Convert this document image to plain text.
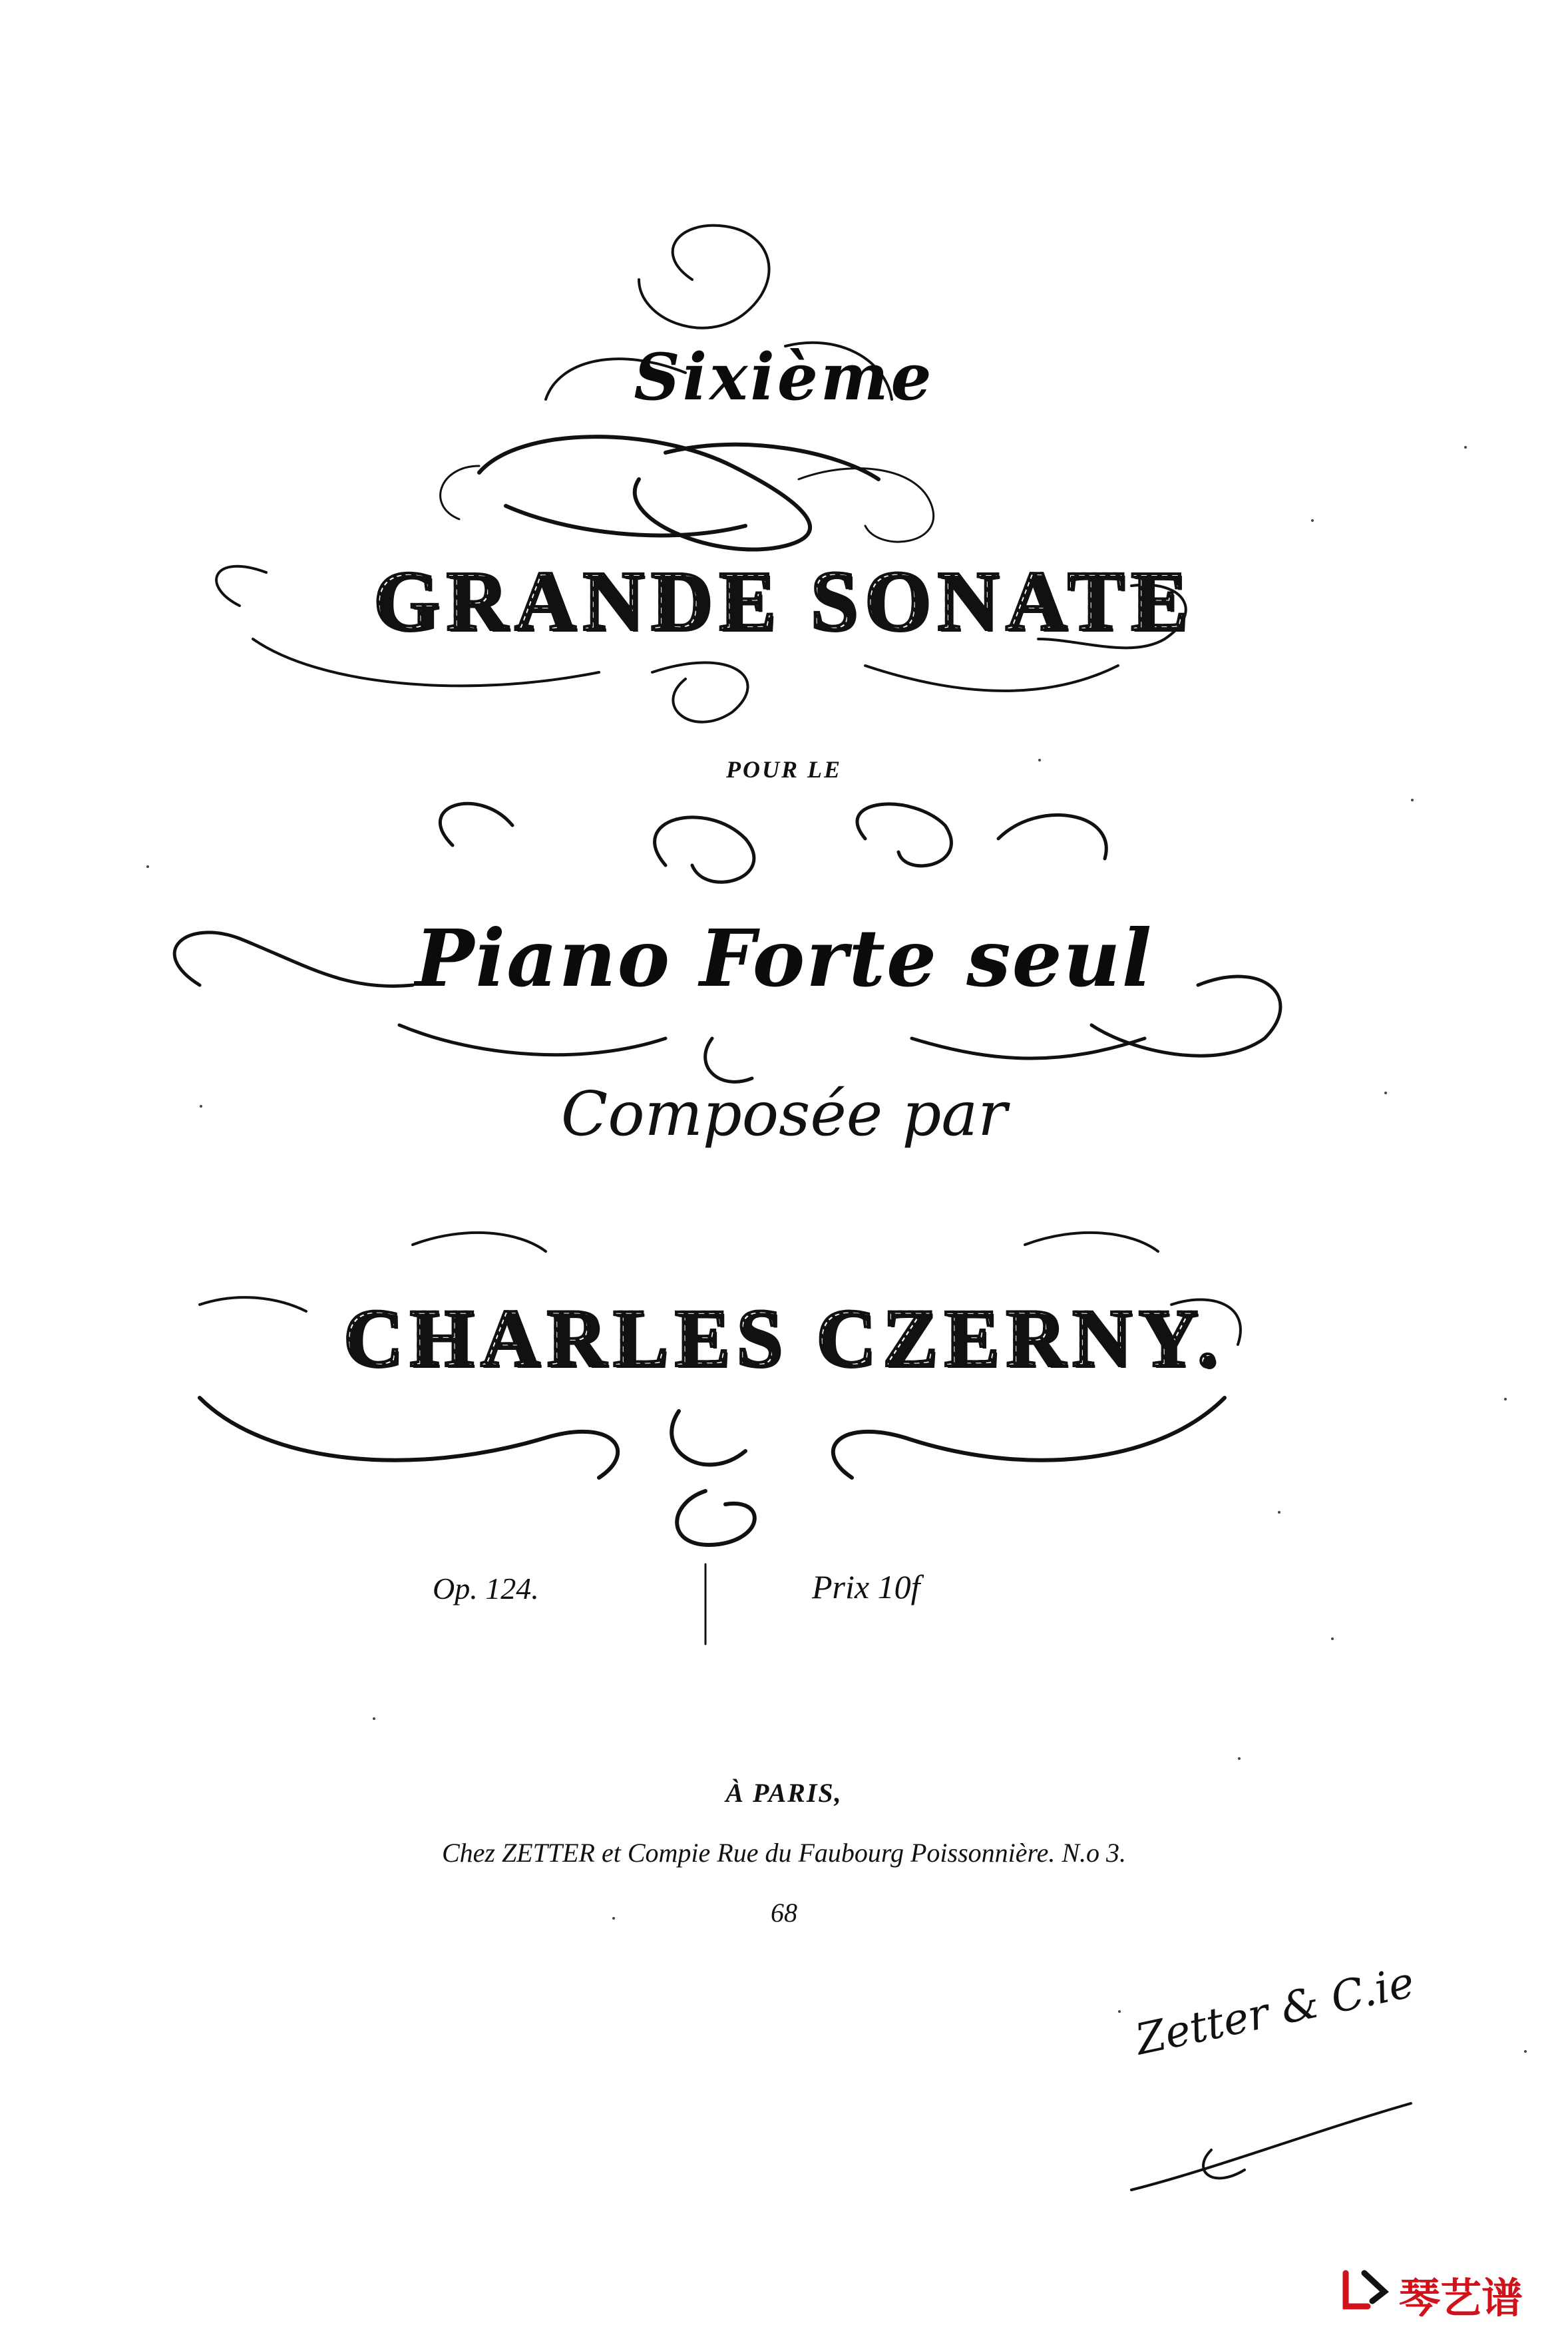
Sixième
GRANDE SONATE
POUR LE
Piano Forte seul
Composée par
CHARLES CZERNY.
Op. 124.	Prix 10f
À PARIS,
Chez ZETTER et Compie Rue du Faubourg Poissonnière. N.o 3.
68
Zetter & C.ie
琴艺谱
